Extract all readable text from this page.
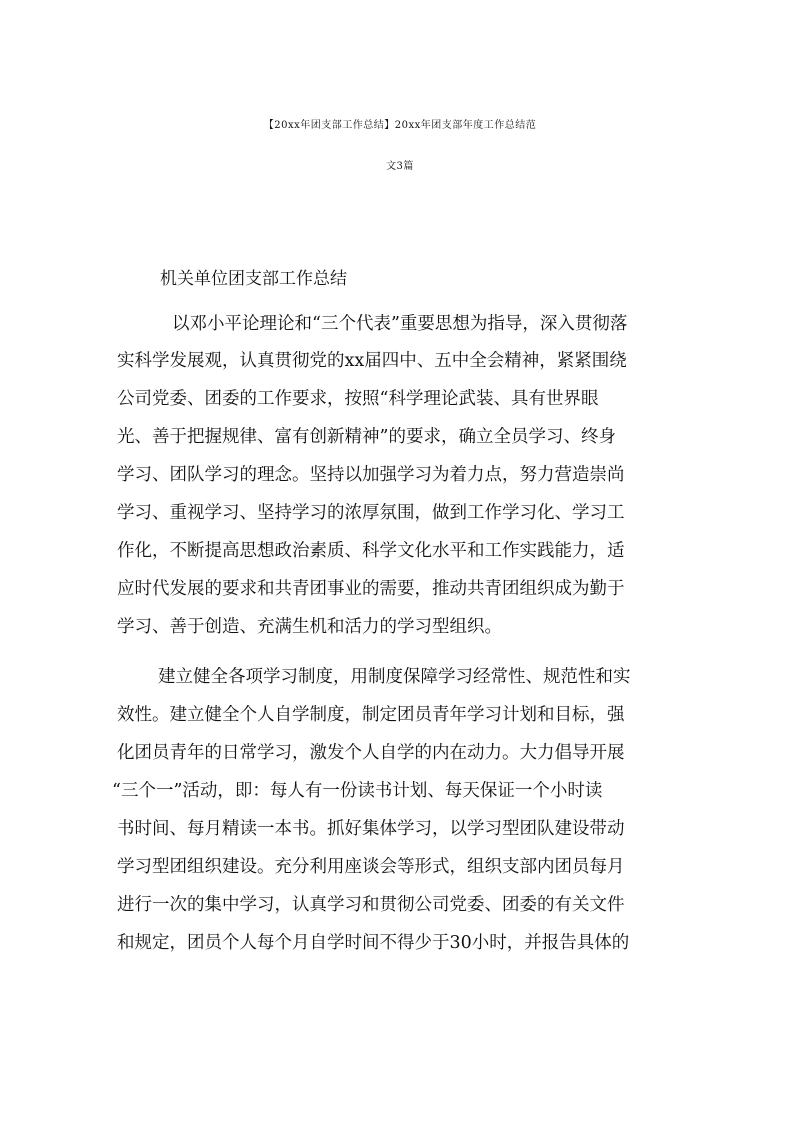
【20xx年团支部工作总结】20xx年团支部年度工作总结范
文3篇
机关单位团支部工作总结

以邓小平论理论和“三个代表”重要思想为指导，深入贯彻落

实科学发展观，认真贯彻党的xx届四中、五中全会精神，紧紧围绕

公司党委、团委的工作要求，按照“科学理论武装、具有世界眼

光、善于把握规律、富有创新精神”的要求，确立全员学习、终身

学习、团队学习的理念。坚持以加强学习为着力点，努力营造崇尚

学习、重视学习、坚持学习的浓厚氛围，做到工作学习化、学习工

作化，不断提高思想政治素质、科学文化水平和工作实践能力，适

应时代发展的要求和共青团事业的需要，推动共青团组织成为勤于

学习、善于创造、充满生机和活力的学习型组织。

建立健全各项学习制度，用制度保障学习经常性、规范性和实

效性。建立健全个人自学制度，制定团员青年学习计划和目标，强

化团员青年的日常学习，激发个人自学的内在动力。大力倡导开展

“三个一”活动，即：每人有一份读书计划、每天保证一个小时读

书时间、每月精读一本书。抓好集体学习，以学习型团队建设带动

学习型团组织建设。充分利用座谈会等形式，组织支部内团员每月

进行一次的集中学习，认真学习和贯彻公司党委、团委的有关文件

和规定，团员个人每个月自学时间不得少于30小时，并报告具体的
